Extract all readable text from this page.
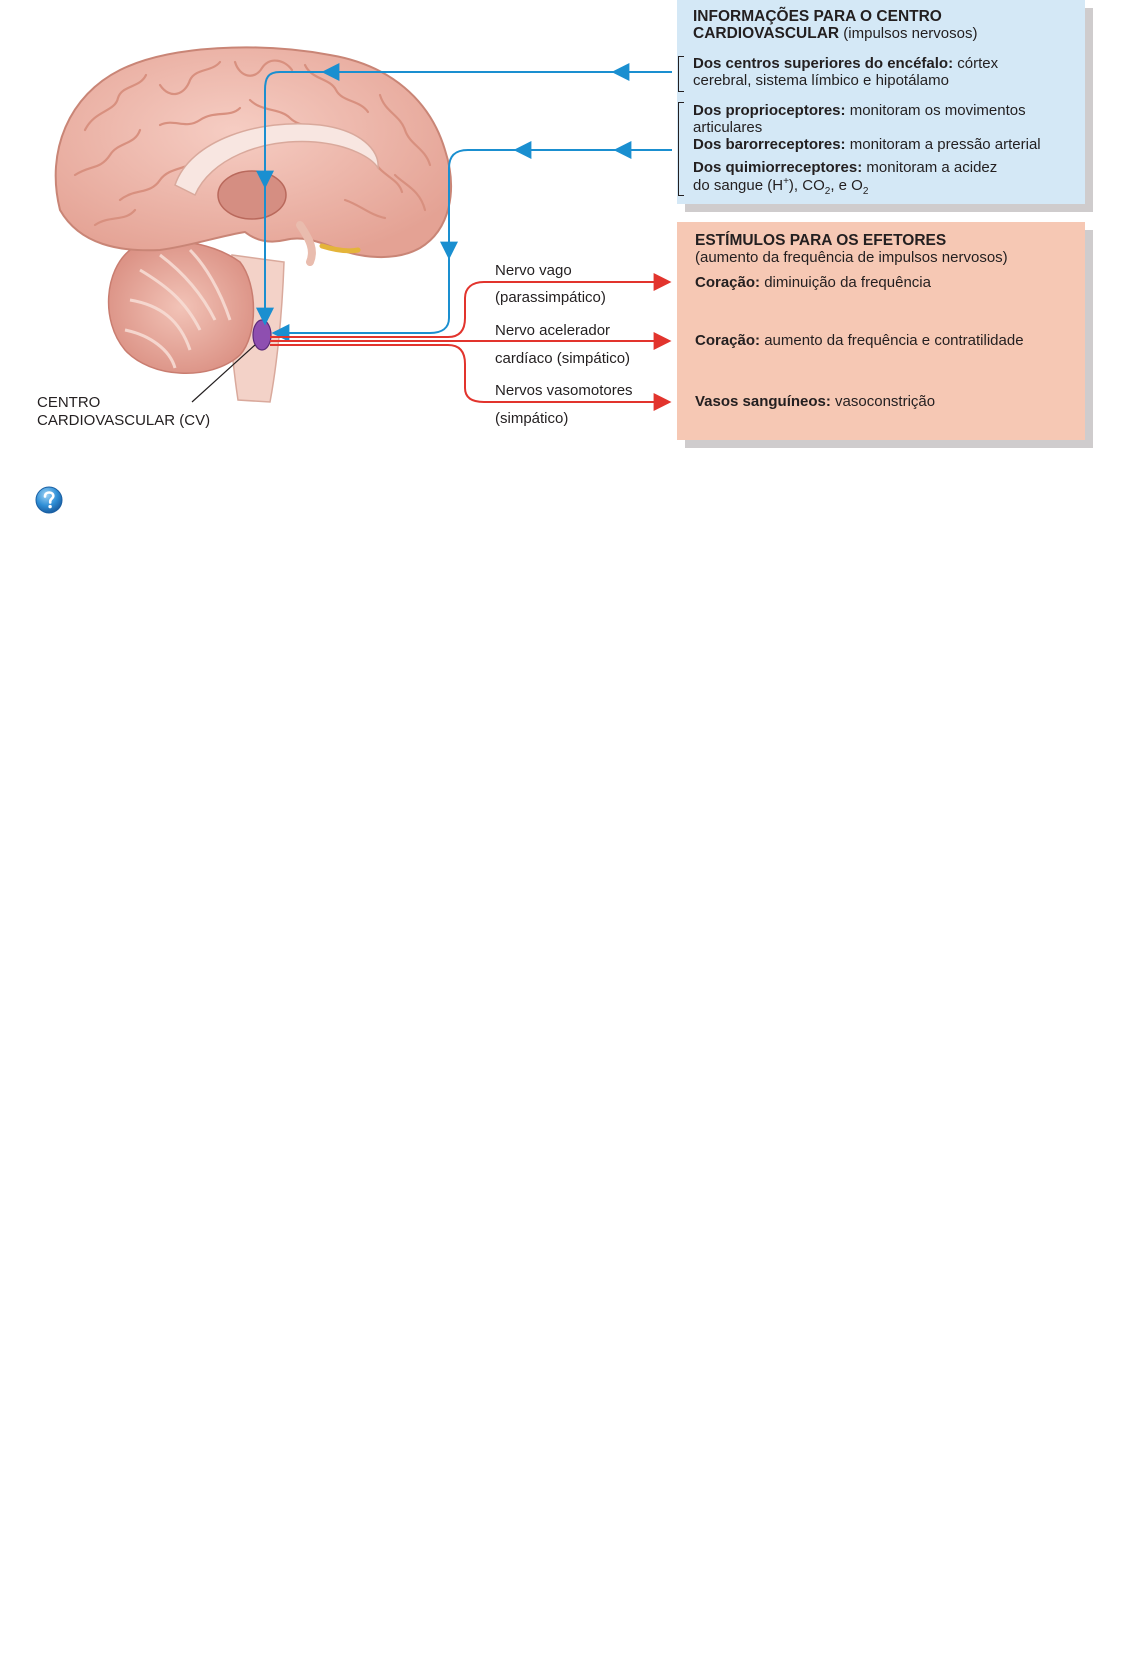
INFORMAÇÕES PARA O CENTRO
CARDIOVASCULAR (impulsos nervosos)
Dos centros superiores do encéfalo: córtex
cerebral, sistema límbico e hipotálamo
Dos proprioceptores: monitoram os movimentos
articulares
Dos barorreceptores: monitoram a pressão arterial
Dos quimiorreceptores: monitoram a acidez
do sangue (H+), $CO_2$, e $O_2$
ESTÍMULOS PARA OS EFETORES
(aumento da frequência de impulsos nervosos)
Coração: diminuição da frequência
Coração: aumento da frequência e contratilidade
Vasos sanguíneos: vasoconstrição
Nervo vago
(parassimpático)
Nervo acelerador
cardíaco (simpático)
Nervos vasomotores
(simpático)
CENTRO
CARDIOVASCULAR (CV)
